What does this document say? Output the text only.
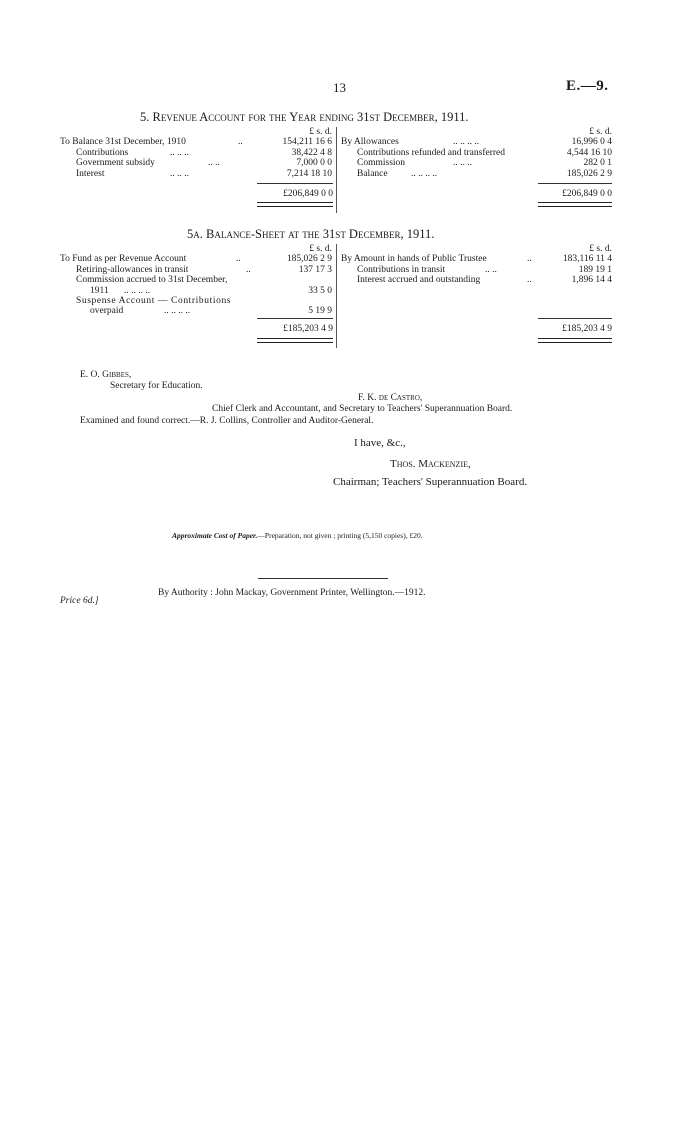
13	E.—9.
5. Revenue Account for the Year ending 31st December, 1911.
£ s. d.
To Balance 31st December, 1910	..	154,211 16 6
Contributions	.. .. ..	38,422 4 8
Government subsidy	.. ..	7,000 0 0
Interest	.. .. ..	7,214 18 10
£206,849 0 0
£ s. d.
By Allowances	.. .. .. ..	16,996 0 4
Contributions refunded and transferred	4,544 16 10
Commission	.. .. ..	282 0 1
Balance .. .. .. ..	185,026 2 9
£206,849 0 0
5a. Balance-Sheet at the 31st December, 1911.
£ s. d.
To Fund as per Revenue Account	..	185,026 2 9
Retiring-allowances in transit	..	137 17 3
Commission accrued to 31st December,
1911 .. .. .. ..	33 5 0
Suspense Account — Contributions
overpaid	.. .. .. ..	5 19 9
£185,203 4 9
£ s. d.
By Amount in hands of Public Trustee	..	183,116 11 4
Contributions in transit	.. ..	189 19 1
Interest accrued and outstanding	..	1,896 14 4
£185,203 4 9
E. O. Gibbes,
Secretary for Education.
F. K. de Castro,
Chief Clerk and Accountant, and Secretary to Teachers' Superannuation Board.
Examined and found correct.—R. J. Collins, Controller and Auditor-General.
I have, &c.,
Thos. Mackenzie,
Chairman; Teachers' Superannuation Board.
Approximate Cost of Paper.—Preparation, not given ; printing (5,150 copies), £20.
Price 6d.]
By Authority : John Mackay, Government Printer, Wellington.—1912.
